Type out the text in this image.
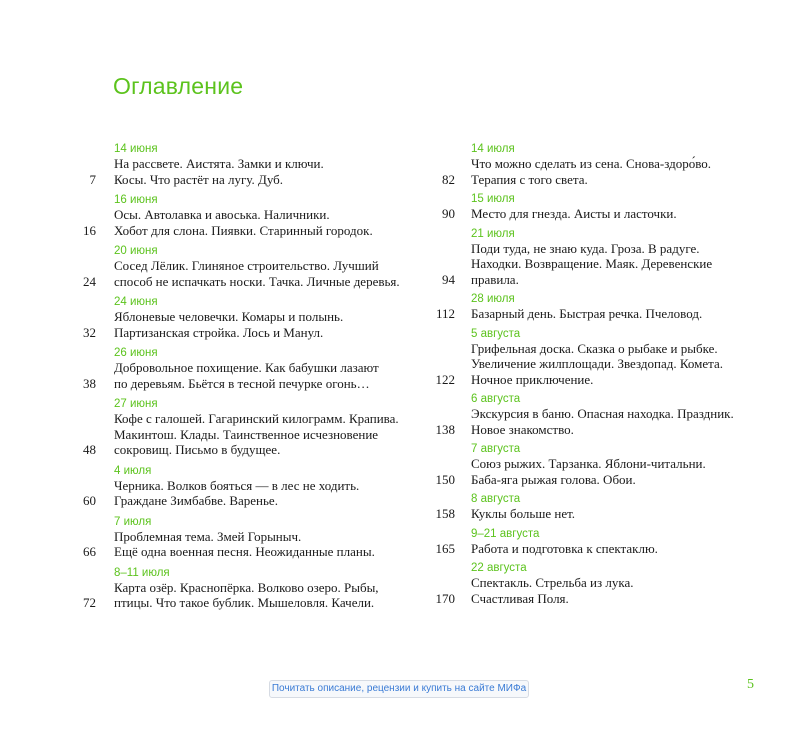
Оглавление
7
14 июня
На рассвете. Аистята. Замки и ключи.
Косы. Что растёт на лугу. Дуб.
16
16 июня
Осы. Автолавка и авоська. Наличники.
Хобот для слона. Пиявки. Старинный городок.
24
20 июня
Сосед Лёлик. Глиняное строительство. Лучший
способ не испачкать носки. Тачка. Личные деревья.
32
24 июня
Яблоневые человечки. Комары и полынь.
Партизанская стройка. Лось и Манул.
38
26 июня
Добровольное похищение. Как бабушки лазают
по деревьям. Бьётся в тесной печурке огонь…
48
27 июня
Кофе с галошей. Гагаринский килограмм. Крапива.
Макинтош. Клады. Таинственное исчезновение
сокровищ. Письмо в будущее.
60
4 июля
Черника. Волков бояться — в лес не ходить.
Граждане Зимбабве. Варенье.
66
7 июля
Проблемная тема. Змей Горыныч.
Ещё одна военная песня. Неожиданные планы.
72
8–11 июля
Карта озёр. Краснопёрка. Волково озеро. Рыбы,
птицы. Что такое бублик. Мышеловля. Качели.
82
14 июля
Что можно сделать из сена. Снова-здоро́во.
Терапия с того света.
90
15 июля
Место для гнезда. Аисты и ласточки.
94
21 июля
Поди туда, не знаю куда. Гроза. В радуге.
Находки. Возвращение. Маяк. Деревенские
правила.
112
28 июля
Базарный день. Быстрая речка. Пчеловод.
122
5 августа
Грифельная доска. Сказка о рыбаке и рыбке.
Увеличение жилплощади. Звездопад. Комета.
Ночное приключение.
138
6 августа
Экскурсия в баню. Опасная находка. Праздник.
Новое знакомство.
150
7 августа
Союз рыжих. Тарзанка. Яблони-читальни.
Баба-яга рыжая голова. Обои.
158
8 августа
Куклы больше нет.
165
9–21 августа
Работа и подготовка к спектаклю.
170
22 августа
Спектакль. Стрельба из лука.
Счастливая Поля.
Почитать описание, рецензии и купить на сайте МИФа	5
